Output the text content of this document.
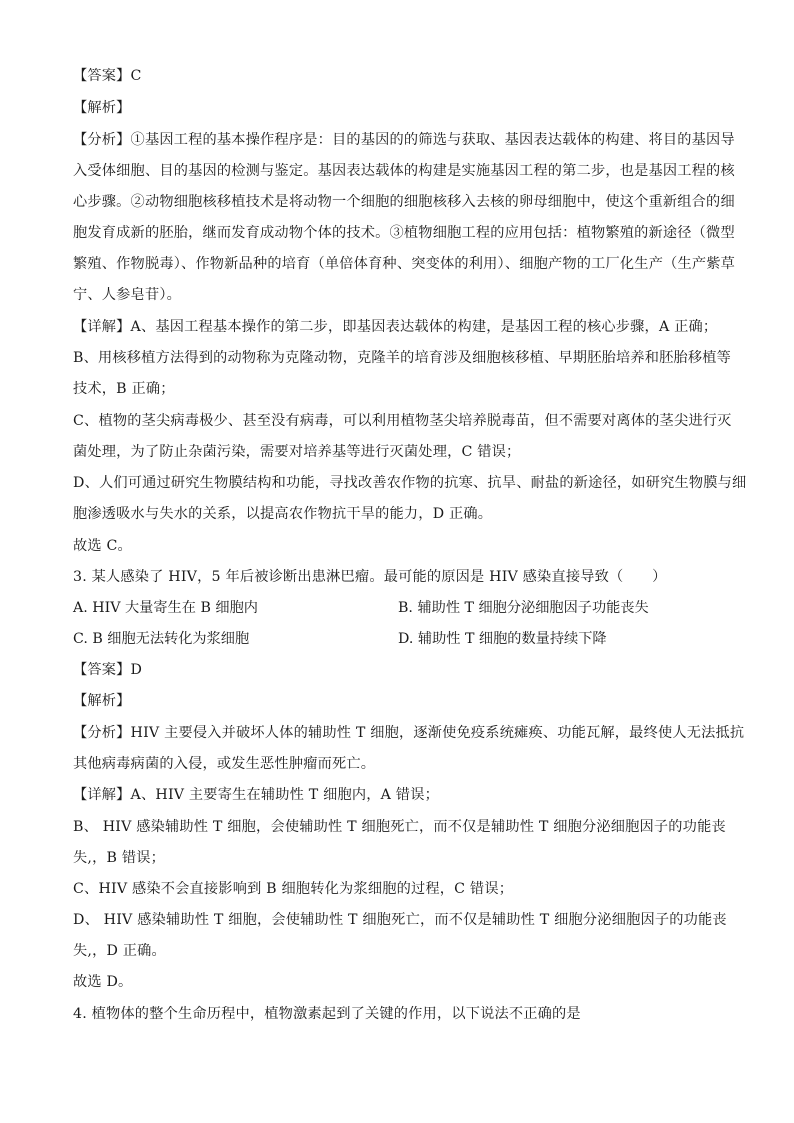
【答案】C
【解析】
【分析】①基因工程的基本操作程序是：目的基因的的筛选与获取、基因表达载体的构建、将目的基因导
入受体细胞、目的基因的检测与鉴定。基因表达载体的构建是实施基因工程的第二步，也是基因工程的核
心步骤。②动物细胞核移植技术是将动物一个细胞的细胞核移入去核的卵母细胞中，使这个重新组合的细
胞发育成新的胚胎，继而发育成动物个体的技术。③植物细胞工程的应用包括：植物繁殖的新途径（微型
繁殖、作物脱毒）、作物新品种的培育（单倍体育种、突变体的利用）、细胞产物的工厂化生产（生产紫草
宁、人参皂苷）。
【详解】A、基因工程基本操作的第二步，即基因表达载体的构建，是基因工程的核心步骤，A 正确；
B、用核移植方法得到的动物称为克隆动物，克隆羊的培育涉及细胞核移植、早期胚胎培养和胚胎移植等
技术，B 正确；
C、植物的茎尖病毒极少、甚至没有病毒，可以利用植物茎尖培养脱毒苗，但不需要对离体的茎尖进行灭
菌处理，为了防止杂菌污染，需要对培养基等进行灭菌处理，C 错误；
D、人们可通过研究生物膜结构和功能，寻找改善农作物的抗寒、抗旱、耐盐的新途径，如研究生物膜与细
胞渗透吸水与失水的关系，以提高农作物抗干旱的能力，D 正确。
故选 C。
3. 某人感染了 HIV，5 年后被诊断出患淋巴瘤。最可能的原因是 HIV 感染直接导致（　　）
A. HIV 大量寄生在 B 细胞内	B. 辅助性 T 细胞分泌细胞因子功能丧失
C. B 细胞无法转化为浆细胞	D. 辅助性 T 细胞的数量持续下降
【答案】D
【解析】
【分析】HIV 主要侵入并破坏人体的辅助性 T 细胞，逐渐使免疫系统瘫痪、功能瓦解，最终使人无法抵抗
其他病毒病菌的入侵，或发生恶性肿瘤而死亡。
【详解】A、HIV 主要寄生在辅助性 T 细胞内，A 错误；
B、 HIV 感染辅助性 T 细胞，会使辅助性 T 细胞死亡，而不仅是辅助性 T 细胞分泌细胞因子的功能丧
失,，B 错误；
C、HIV 感染不会直接影响到 B 细胞转化为浆细胞的过程，C 错误；
D、 HIV 感染辅助性 T 细胞，会使辅助性 T 细胞死亡，而不仅是辅助性 T 细胞分泌细胞因子的功能丧
失,，D 正确。
故选 D。
4. 植物体的整个生命历程中，植物激素起到了关键的作用，以下说法不正确的是
